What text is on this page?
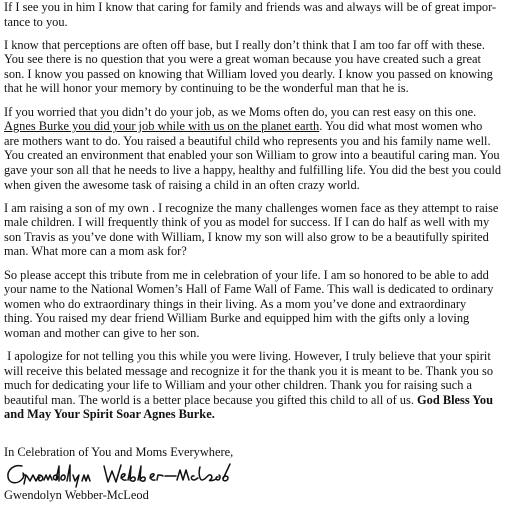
If I see you in him I know that caring for family and friends was and always will be of great impor-
tance to you.
I know that perceptions are often off base, but I really don’t think that I am too far off with these.
You see there is no question that you were a great woman because you have created such a great
son. I know you passed on knowing that William loved you dearly. I know you passed on knowing
that he will honor your memory by continuing to be the wonderful man that he is.
If you worried that you didn’t do your job, as we Moms often do, you can rest easy on this one.
Agnes Burke you did your job while with us on the planet earth. You did what most women who
are mothers want to do. You raised a beautiful child who represents you and his family name well.
You created an environment that enabled your son William to grow into a beautiful caring man. You
gave your son all that he needs to live a happy, healthy and fulfilling life. You did the best you could
when given the awesome task of raising a child in an often crazy world.
I am raising a son of my own . I recognize the many challenges women face as they attempt to raise
male children. I will frequently think of you as model for success. If I can do half as well with my
son Travis as you’ve done with William, I know my son will also grow to be a beautifully spirited
man. What more can a mom ask for?
So please accept this tribute from me in celebration of your life. I am so honored to be able to add
your name to the National Women’s Hall of Fame Wall of Fame. This wall is dedicated to ordinary
women who do extraordinary things in their living. As a mom you’ve done and extraordinary
thing. You raised my dear friend William Burke and equipped him with the gifts only a loving
woman and mother can give to her son.
I apologize for not telling you this while you were living. However, I truly believe that your spirit
will receive this belated message and recognize it for the thank you it is meant to be. Thank you so
much for dedicating your life to William and your other children. Thank you for raising such a
beautiful man. The world is a better place because you gifted this child to all of us. God Bless You
and May Your Spirit Soar Agnes Burke.
In Celebration of You and Moms Everywhere,
Gwendolyn Webber-McLeod
